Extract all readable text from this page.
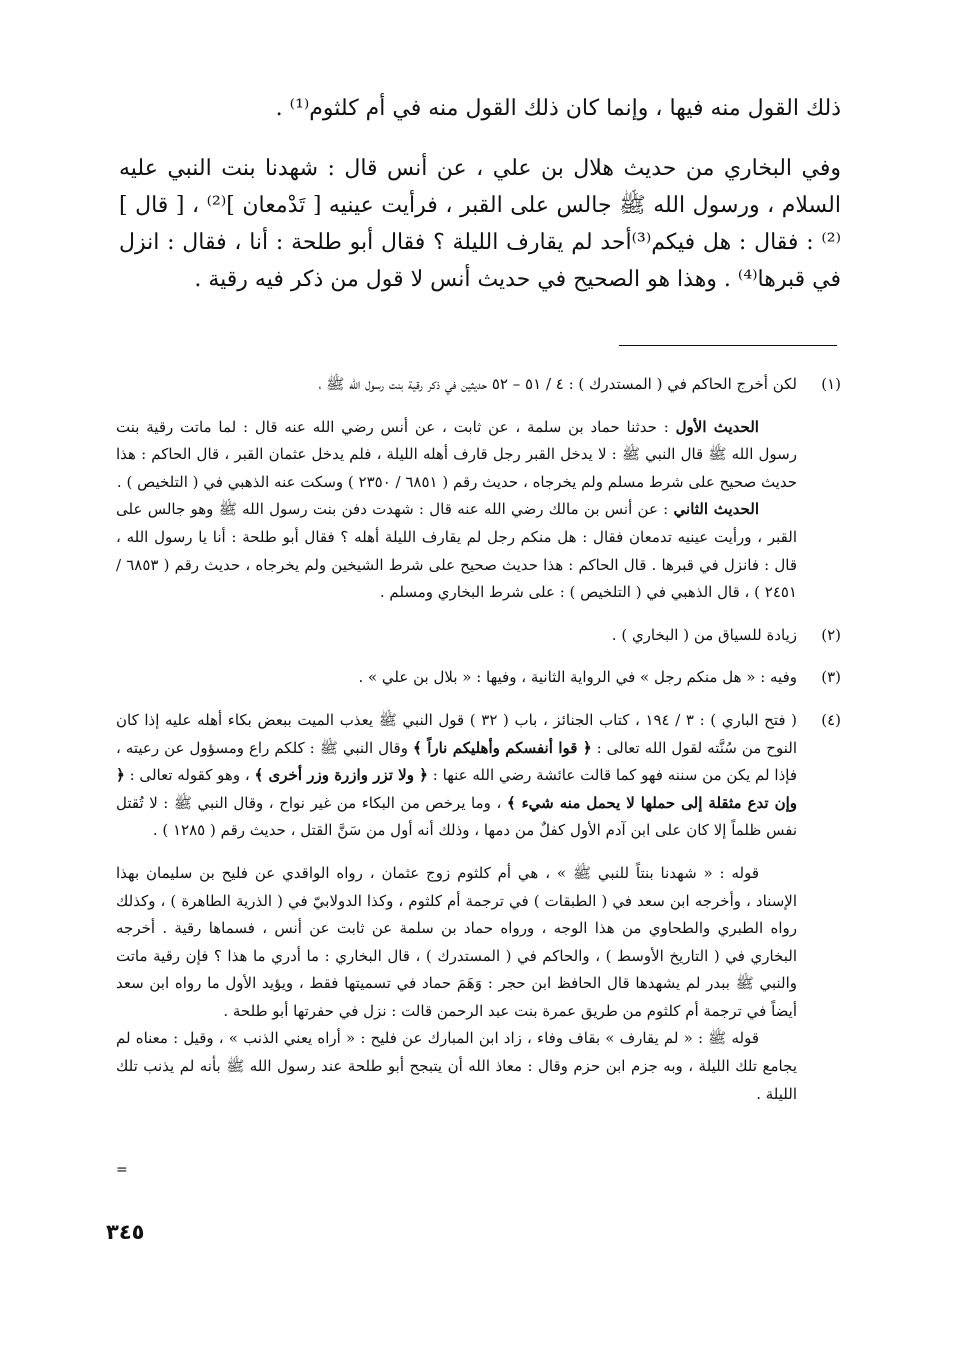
ذلك القول منه فيها ، وإنما كان ذلك القول منه في أم كلثوم⁽¹⁾ .

وفي البخاري من حديث هلال بن علي ، عن أنس قال : شهدنا بنت النبي عليه السلام ، ورسول الله ﷺ جالس على القبر ، فرأيت عينيه [ تَدْمعان ]⁽²⁾ ، [ قال ]⁽²⁾ : فقال : هل فيكم⁽³⁾أحد لم يقارف الليلة ؟ فقال أبو طلحة : أنا ، فقال : انزل في قبرها⁽⁴⁾ . وهذا هو الصحيح في حديث أنس لا قول من ذكر فيه رقية .

(١)

لكن أخرج الحاكم في ( المستدرك ) : ٤ / ٥١ – ٥٢ حديثين في ذكر رقية بنت رسول الله ﷺ ،

الحديث الأول : حدثنا حماد بن سلمة ، عن ثابت ، عن أنس رضي الله عنه قال : لما ماتت رقية بنت رسول الله ﷺ قال النبي ﷺ : لا يدخل القبر رجل قارف أهله الليلة ، فلم يدخل عثمان القبر ، قال الحاكم : هذا حديث صحيح على شرط مسلم ولم يخرجاه ، حديث رقم ( ٦٨٥١ / ٢٣٥٠ ) وسكت عنه الذهبي في ( التلخيص ) .

الحديث الثاني : عن أنس بن مالك رضي الله عنه قال : شهدت دفن بنت رسول الله ﷺ وهو جالس على القبر ، ورأيت عينيه تدمعان فقال : هل منكم رجل لم يقارف الليلة أهله ؟ فقال أبو طلحة : أنا يا رسول الله ، قال : فانزل في قبرها . قال الحاكم : هذا حديث صحيح على شرط الشيخين ولم يخرجاه ، حديث رقم ( ٦٨٥٣ / ٢٤٥١ ) ، قال الذهبي في ( التلخيص ) : على شرط البخاري ومسلم .

(٢)

زيادة للسياق من ( البخاري ) .

(٣)

وفيه : « هل منكم رجل » في الرواية الثانية ، وفيها : « بلال بن علي » .

(٤)

( فتح الباري ) : ٣ / ١٩٤ ، كتاب الجنائز ، باب ( ٣٢ ) قول النبي ﷺ يعذب الميت ببعض بكاء أهله عليه إذا كان النوح من سُنَّته لقول الله تعالى : ﴿ قوا أنفسكم وأهليكم ناراً ﴾ وقال النبي ﷺ : كلكم راع ومسؤول عن رعيته ، فإذا لم يكن من سننه فهو كما قالت عائشة رضي الله عنها : ﴿ ولا تزر وازرة وزر أخرى ﴾ ، وهو كقوله تعالى : ﴿ وإن تدع مثقلة إلى حملها لا يحمل منه شيء ﴾ ، وما يرخص من البكاء من غير نواح ، وقال النبي ﷺ : لا تُقتل نفس ظلماً إلا كان على ابن آدم الأول كفلٌ من دمها ، وذلك أنه أول من سَنَّ القتل ، حديث رقم ( ١٢٨٥ ) .

قوله : « شهدنا بنتاً للنبي ﷺ » ، هي أم كلثوم زوج عثمان ، رواه الواقدي عن فليح بن سليمان بهذا الإسناد ، وأخرجه ابن سعد في ( الطبقات ) في ترجمة أم كلثوم ، وكذا الدولابيّ في ( الذرية الطاهرة ) ، وكذلك رواه الطبري والطحاوي من هذا الوجه ، ورواه حماد بن سلمة عن ثابت عن أنس ، فسماها رقية . أخرجه البخاري في ( التاريخ الأوسط ) ، والحاكم في ( المستدرك ) ، قال البخاري : ما أدري ما هذا ؟ فإن رقية ماتت والنبي ﷺ ببدر لم يشهدها قال الحافظ ابن حجر : وَهَمَ حماد في تسميتها فقط ، ويؤيد الأول ما رواه ابن سعد أيضاً في ترجمة أم كلثوم من طريق عمرة بنت عبد الرحمن قالت : نزل في حفرتها أبو طلحة .

قوله ﷺ : « لم يقارف » بقاف وفاء ، زاد ابن المبارك عن فليح : « أراه يعني الذنب » ، وقيل : معناه لم يجامع تلك الليلة ، وبه جزم ابن حزم وقال : معاذ الله أن يتبجح أبو طلحة عند رسول الله ﷺ بأنه لم يذنب تلك الليلة .

=
٣٤٥
